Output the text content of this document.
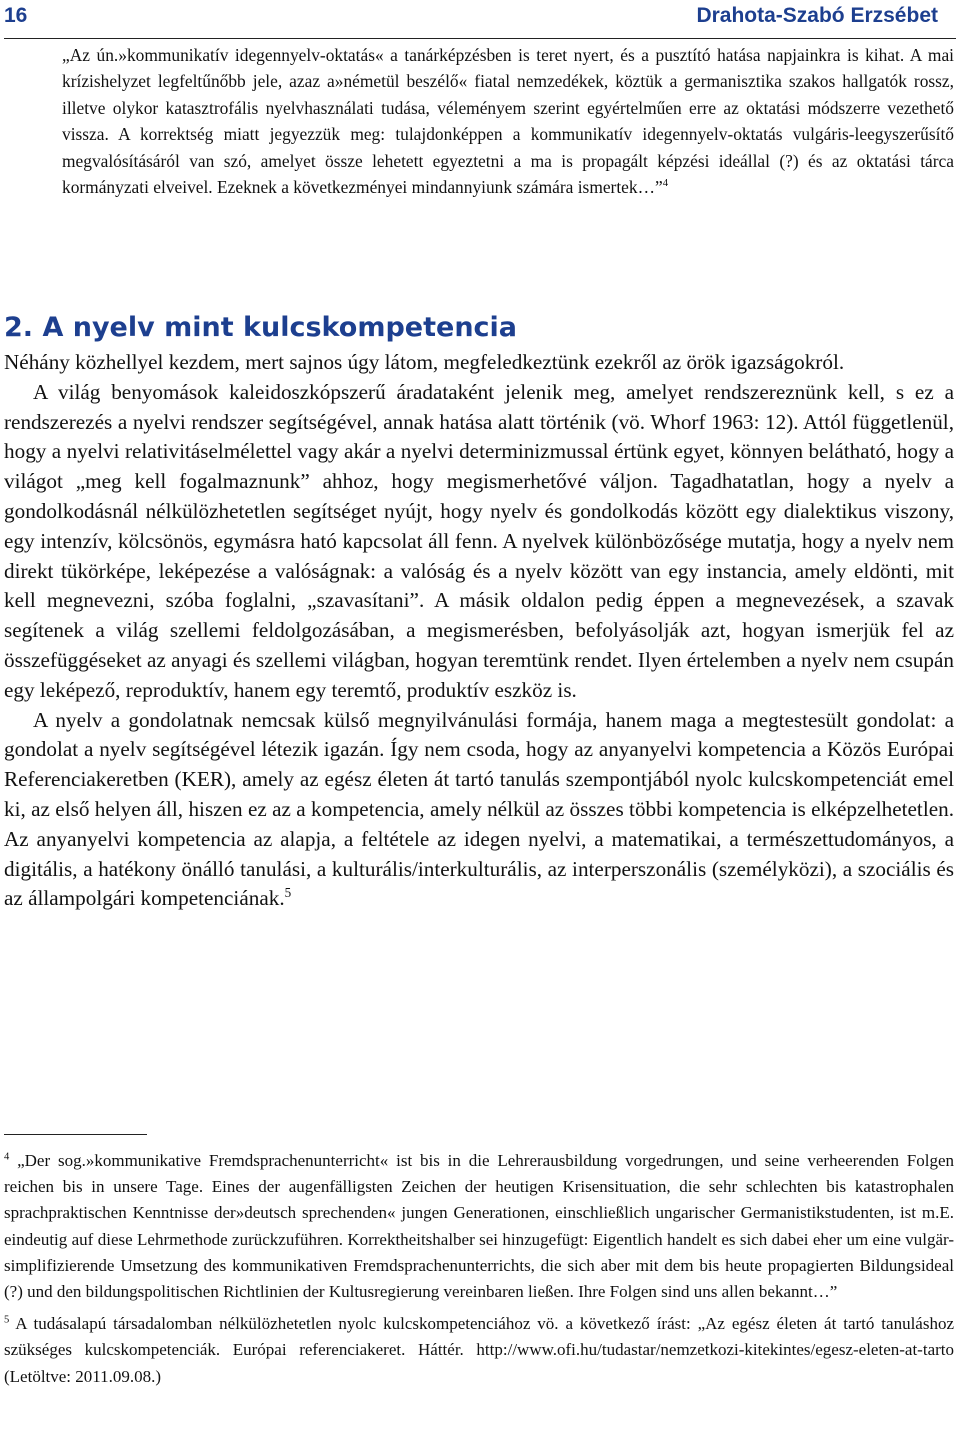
16	Drahota-Szabó Erzsébet

„Az ún.»kommunikatív idegennyelv-oktatás« a tanárképzésben is teret nyert, és a pusztító hatása napjainkra is kihat. A mai krízishelyzet legfeltűnőbb jele, azaz a»németül beszélő« fiatal nemzedékek, köztük a germanisztika szakos hallgatók rossz, illetve olykor katasztrofális nyelvhasználati tudása, véleményem szerint egyértelműen erre az oktatási módszerre vezethető vissza. A korrektség miatt jegyezzük meg: tulajdonképpen a kommunikatív idegennyelv-oktatás vulgáris-leegyszerűsítő megvalósításáról van szó, amelyet össze lehetett egyeztetni a ma is propagált képzési ideállal (?) és az oktatási tárca kormányzati elveivel. Ezeknek a következményei mindannyiunk számára ismertek…”$^4$

2. A nyelv mint kulcskompetencia

Néhány közhellyel kezdem, mert sajnos úgy látom, megfeledkeztünk ezekről az örök igazságokról.

A világ benyomások kaleidoszkópszerű áradataként jelenik meg, amelyet rendszereznünk kell, s ez a rendszerezés a nyelvi rendszer segítségével, annak hatása alatt történik (vö. Whorf 1963: 12). Attól függetlenül, hogy a nyelvi relativitáselmélettel vagy akár a nyelvi determinizmussal értünk egyet, könnyen belátható, hogy a világot „meg kell fogalmaznunk” ahhoz, hogy megismerhetővé váljon. Tagadhatatlan, hogy a nyelv a gondolkodásnál nélkülözhetetlen segítséget nyújt, hogy nyelv és gondolkodás között egy dialektikus viszony, egy intenzív, kölcsönös, egymásra ható kapcsolat áll fenn. A nyelvek különbözősége mutatja, hogy a nyelv nem direkt tükörképe, leképezése a valóságnak: a valóság és a nyelv között van egy instancia, amely eldönti, mit kell megnevezni, szóba foglalni, „szavasítani”. A másik oldalon pedig éppen a megnevezések, a szavak segítenek a világ szellemi feldolgozásában, a megismerésben, befolyásolják azt, hogyan ismerjük fel az összefüggéseket az anyagi és szellemi világban, hogyan teremtünk rendet. Ilyen értelemben a nyelv nem csupán egy leképező, reproduktív, hanem egy teremtő, produktív eszköz is.

A nyelv a gondolatnak nemcsak külső megnyilvánulási formája, hanem maga a megtestesült gondolat: a gondolat a nyelv segítségével létezik igazán. Így nem csoda, hogy az anyanyelvi kompetencia a Közös Európai Referenciakeretben (KER), amely az egész életen át tartó tanulás szempontjából nyolc kulcskompetenciát emel ki, az első helyen áll, hiszen ez az a kompetencia, amely nélkül az összes többi kompetencia is elképzelhetetlen. Az anyanyelvi kompetencia az alapja, a feltétele az idegen nyelvi, a matematikai, a természettudományos, a digitális, a hatékony önálló tanulási, a kulturális/interkulturális, az interperszonális (személyközi), a szociális és az állampolgári kompetenciának.$^5$

$^4$ „Der sog.»kommunikative Fremdsprachenunterricht« ist bis in die Lehrerausbildung vorgedrungen, und seine verheerenden Folgen reichen bis in unsere Tage. Eines der augenfälligsten Zeichen der heutigen Krisensituation, die sehr schlechten bis katastrophalen sprachpraktischen Kenntnisse der»deutsch sprechenden« jungen Generationen, einschließlich ungarischer Germanistikstudenten, ist m.E. eindeutig auf diese Lehrmethode zurückzuführen. Korrektheitshalber sei hinzugefügt: Eigentlich handelt es sich dabei eher um eine vulgär-simplifizierende Umsetzung des kommunikativen Fremdsprachenunterrichts, die sich aber mit dem bis heute propagierten Bildungsideal (?) und den bildungspolitischen Richtlinien der Kultusregierung vereinbaren ließen. Ihre Folgen sind uns allen bekannt…”

$^5$ A tudásalapú társadalomban nélkülözhetetlen nyolc kulcskompetenciához vö. a következő írást: „Az egész életen át tartó tanuláshoz szükséges kulcskompetenciák. Európai referenciakeret. Háttér. http://www.ofi.hu/tudastar/nemzetkozi-kitekintes/egesz-eleten-at-tarto (Letöltve: 2011.09.08.)
